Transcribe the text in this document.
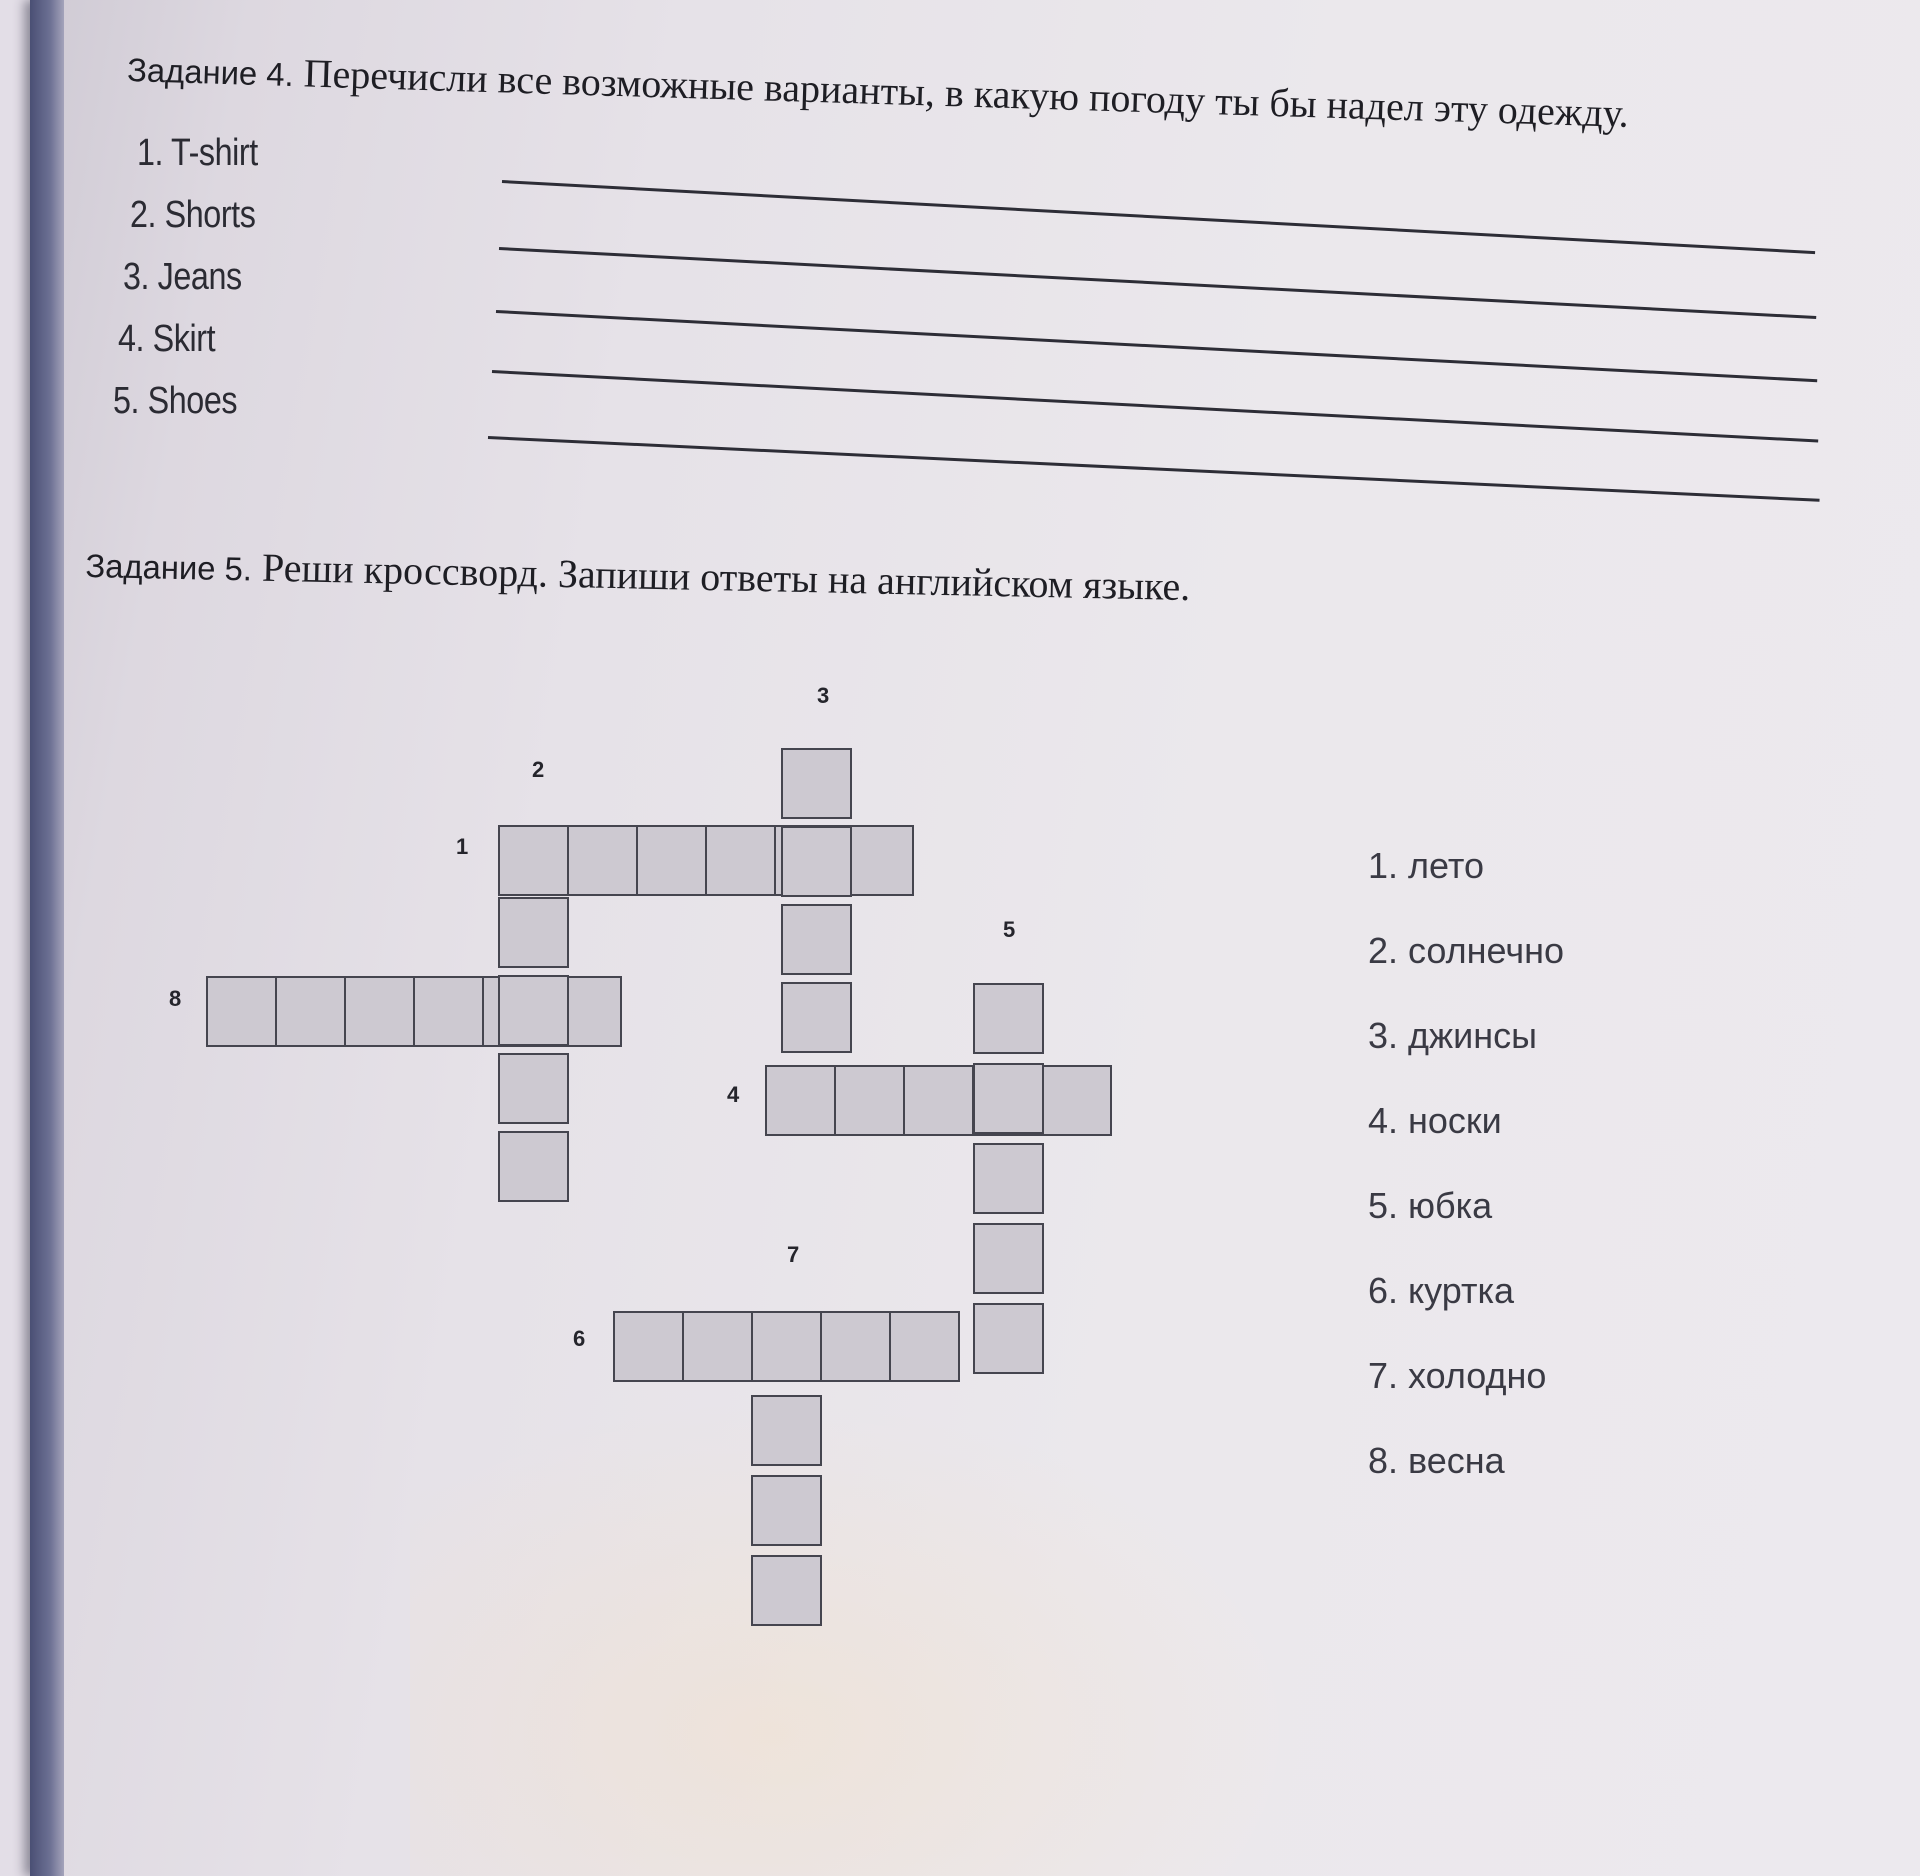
Задание 4. Перечисли все возможные варианты, в какую погоду ты бы надел эту одежду.
1. T-shirt
2. Shorts
3. Jeans
4. Skirt
5. Shoes
Задание 5. Реши кроссворд. Запиши ответы на английском языке.
3
2
1
5
8
4
7
6
1. лето
2. солнечно
3. джинсы
4. носки
5. юбка
6. куртка
7. холодно
8. весна
